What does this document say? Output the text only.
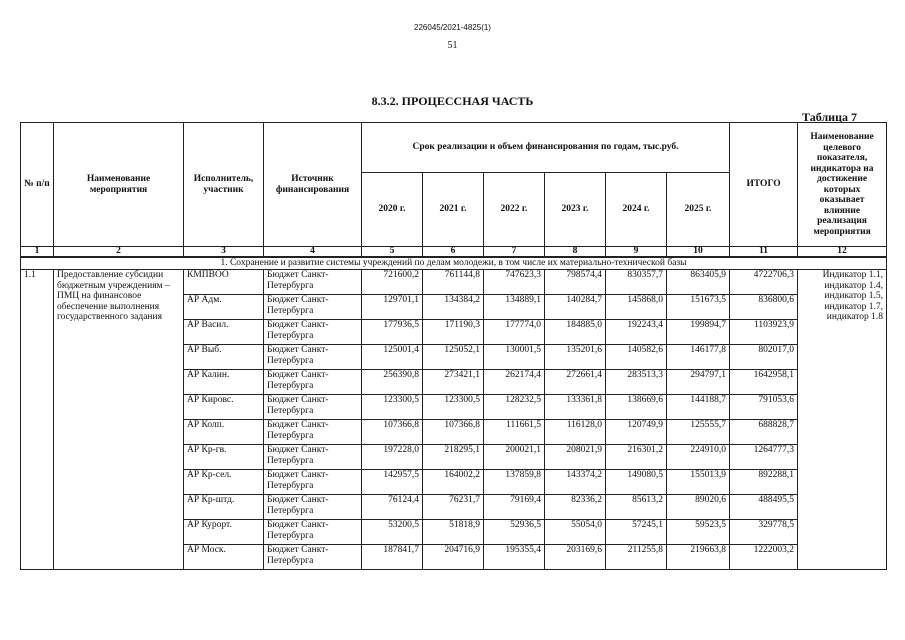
226045/2021-4825(1)
51
8.3.2. ПРОЦЕССНАЯ ЧАСТЬ
Таблица 7
№ п/п	Наименование мероприятия	Исполнитель, участник	Источник финансирования	Срок реализации и объем финансирования по годам, тыс.руб.						ИТОГО	Наименование целевого показателя, индикатора на достижение которых оказывает влияние реализация мероприятия
				2020 г.	2021 г.	2022 г.	2023 г.	2024 г.	2025 г.		
1	2	3	4	5	6	7	8	9	10	11	12
1. Сохранение и развитие системы учреждений по делам молодежи, в том числе их материально-технической базы											
1.1	Предоставление субсидии бюджетным учреждениям – ПМЦ на финансовое обеспечение выполнения государственного задания	КМПВОО	Бюджет Санкт-Петербурга	721600,2	761144,8	747623,3	798574,4	830357,7	863405,9	4722706,3	Индикатор 1.1, индикатор 1.4, индикатор 1.5, индикатор 1.7, индикатор 1.8
		АР Адм.	Бюджет Санкт-Петербурга	129701,1	134384,2	134889,1	140284,7	145868,0	151673,5	836800,6	
		АР Васил.	Бюджет Санкт-Петербурга	177936,5	171190,3	177774,0	184885,0	192243,4	199894,7	1103923,9	
		АР Выб.	Бюджет Санкт-Петербурга	125001,4	125052,1	130001,5	135201,6	140582,6	146177,8	802017,0	
		АР Калин.	Бюджет Санкт-Петербурга	256390,8	273421,1	262174,4	272661,4	283513,3	294797,1	1642958,1	
		АР Кировс.	Бюджет Санкт-Петербурга	123300,5	123300,5	128232,5	133361,8	138669,6	144188,7	791053,6	
		АР Колп.	Бюджет Санкт-Петербурга	107366,8	107366,8	111661,5	116128,0	120749,9	125555,7	688828,7	
		АР Кр-гв.	Бюджет Санкт-Петербурга	197228,0	218295,1	200021,1	208021,9	216301,2	224910,0	1264777,3	
		АР Кр-сел.	Бюджет Санкт-Петербурга	142957,5	164002,2	137859,8	143374,2	149080,5	155013,9	892288,1	
		АР Кр-штд.	Бюджет Санкт-Петербурга	76124,4	76231,7	79169,4	82336,2	85613,2	89020,6	488495,5	
		АР Курорт.	Бюджет Санкт-Петербурга	53200,5	51818,9	52936,5	55054,0	57245,1	59523,5	329778,5	
		АР Моск.	Бюджет Санкт-Петербурга	187841,7	204716,9	195355,4	203169,6	211255,8	219663,8	1222003,2	
